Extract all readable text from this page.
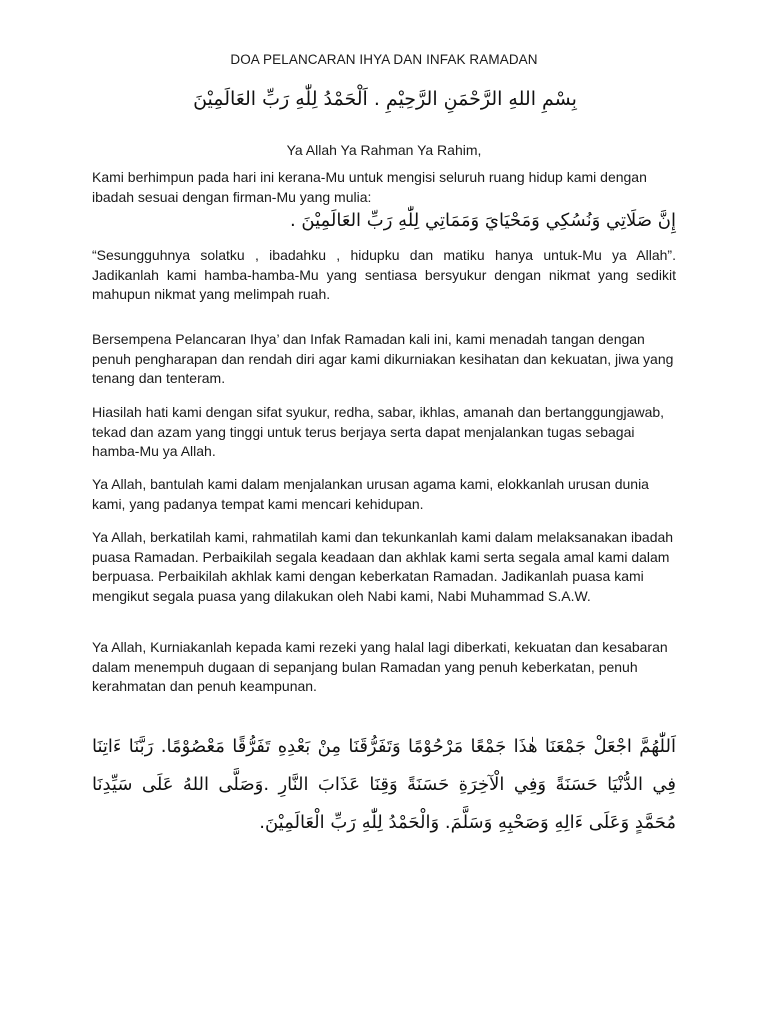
DOA PELANCARAN IHYA DAN INFAK RAMADAN
بِسْمِ اللهِ الرَّحْمَنِ الرَّحِيْمِ . اَلْحَمْدُ لِلّٰهِ رَبِّ العَالَمِيْنَ
Ya Allah Ya Rahman Ya Rahim,

Kami berhimpun pada hari ini kerana-Mu untuk mengisi seluruh ruang hidup kami dengan ibadah sesuai dengan firman-Mu yang mulia:

إِنَّ صَلَاتِي وَنُسُكِي وَمَحْيَايَ وَمَمَاتِي لِلّٰهِ رَبِّ العَالَمِيْنَ .

“Sesungguhnya solatku , ibadahku , hidupku dan matiku hanya untuk-Mu ya Allah”. Jadikanlah kami hamba-hamba-Mu yang sentiasa bersyukur dengan nikmat yang sedikit mahupun nikmat yang melimpah ruah.

Bersempena Pelancaran Ihya’ dan Infak Ramadan kali ini, kami menadah tangan dengan penuh pengharapan dan rendah diri agar kami dikurniakan kesihatan dan kekuatan, jiwa yang tenang dan tenteram.

Hiasilah hati kami dengan sifat syukur, redha, sabar, ikhlas, amanah dan bertanggungjawab, tekad dan azam yang tinggi untuk terus berjaya serta dapat menjalankan tugas sebagai hamba-Mu ya Allah.

Ya Allah, bantulah kami dalam menjalankan urusan agama kami, elokkanlah urusan dunia kami, yang padanya tempat kami mencari kehidupan.

Ya Allah, berkatilah kami, rahmatilah kami dan tekunkanlah kami dalam melaksanakan ibadah puasa Ramadan. Perbaikilah segala keadaan dan akhlak kami serta segala amal kami dalam berpuasa. Perbaikilah akhlak kami dengan keberkatan Ramadan. Jadikanlah puasa kami mengikut segala puasa yang dilakukan oleh Nabi kami, Nabi Muhammad S.A.W.

Ya Allah, Kurniakanlah kepada kami rezeki yang halal lagi diberkati, kekuatan dan kesabaran dalam menempuh dugaan di sepanjang bulan Ramadan yang penuh keberkatan, penuh kerahmatan dan penuh keampunan.

اَللّٰهُمَّ اجْعَلْ جَمْعَنَا هٰذَا جَمْعًا مَرْحُوْمًا وَتَفَرُّقَنَا مِنْ بَعْدِهِ تَفَرُّقًا مَعْصُوْمًا. رَبَّنَا ءَاتِنَا فِي الدُّنْيَا حَسَنَةً وَفِي الْآخِرَةِ حَسَنَةً وَقِنَا عَذَابَ النَّارِ .وَصَلَّى اللهُ عَلَى سَيِّدِنَا مُحَمَّدٍ وَعَلَى ءَالِهِ وَصَحْبِهِ وَسَلَّمَ. وَالْحَمْدُ لِلّٰهِ رَبِّ الْعَالَمِيْنَ.
